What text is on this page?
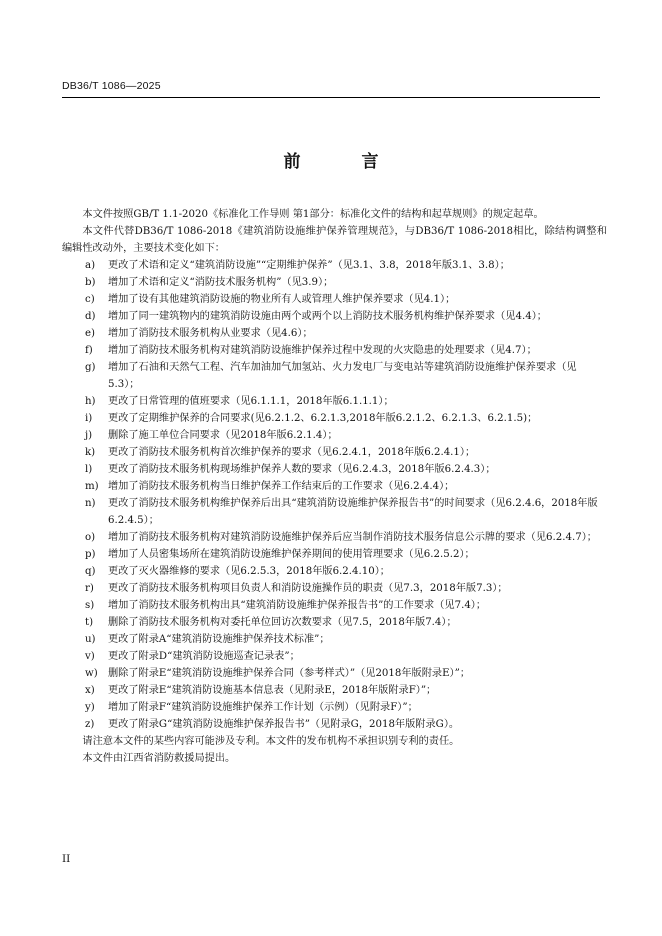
DB36/T 1086—2025
前　言

本文件按照GB/T 1.1-2020《标准化工作导则 第1部分：标准化文件的结构和起草规则》的规定起草。

本文件代替DB36/T 1086-2018《建筑消防设施维护保养管理规范》，与DB36/T 1086-2018相比，除结构调整和编辑性改动外，主要技术变化如下：

a) 更改了术语和定义“建筑消防设施”“定期维护保养”（见3.1、3.8，2018年版3.1、3.8）；
b) 增加了术语和定义“消防技术服务机构”（见3.9）；
c) 增加了设有其他建筑消防设施的物业所有人或管理人维护保养要求（见4.1）；
d) 增加了同一建筑物内的建筑消防设施由两个或两个以上消防技术服务机构维护保养要求（见4.4）；
e) 增加了消防技术服务机构从业要求（见4.6）；
f) 增加了消防技术服务机构对建筑消防设施维护保养过程中发现的火灾隐患的处理要求（见4.7）；
g) 增加了石油和天然气工程、汽车加油加气加氢站、火力发电厂与变电站等建筑消防设施维护保养要求（见5.3）；
h) 更改了日常管理的值班要求（见6.1.1.1，2018年版6.1.1.1）；
i) 更改了定期维护保养的合同要求(见6.2.1.2、6.2.1.3,2018年版6.2.1.2、6.2.1.3、6.2.1.5)；
j) 删除了施工单位合同要求（见2018年版6.2.1.4）；
k) 更改了消防技术服务机构首次维护保养的要求（见6.2.4.1，2018年版6.2.4.1）；
l) 更改了消防技术服务机构现场维护保养人数的要求（见6.2.4.3，2018年版6.2.4.3）；
m) 增加了消防技术服务机构当日维护保养工作结束后的工作要求（见6.2.4.4）；
n) 更改了消防技术服务机构维护保养后出具“建筑消防设施维护保养报告书”的时间要求（见6.2.4.6，2018年版6.2.4.5）；
o) 增加了消防技术服务机构对建筑消防设施维护保养后应当制作消防技术服务信息公示牌的要求（见6.2.4.7）；
p) 增加了人员密集场所在建筑消防设施维护保养期间的使用管理要求（见6.2.5.2）；
q) 更改了灭火器维修的要求（见6.2.5.3，2018年版6.2.4.10）；
r) 更改了消防技术服务机构项目负责人和消防设施操作员的职责（见7.3，2018年版7.3）；
s) 增加了消防技术服务机构出具“建筑消防设施维护保养报告书”的工作要求（见7.4）；
t) 删除了消防技术服务机构对委托单位回访次数要求（见7.5，2018年版7.4）；
u) 更改了附录A“建筑消防设施维护保养技术标准”；
v) 更改了附录D“建筑消防设施巡查记录表”；
w) 删除了附录E“建筑消防设施维护保养合同（参考样式）”（见2018年版附录E）”；
x) 更改了附录E“建筑消防设施基本信息表（见附录E，2018年版附录F）”；
y) 增加了附录F“建筑消防设施维护保养工作计划（示例）（见附录F）”；
z) 更改了附录G“建筑消防设施维护保养报告书”（见附录G，2018年版附录G）。

请注意本文件的某些内容可能涉及专利。本文件的发布机构不承担识别专利的责任。

本文件由江西省消防救援局提出。

II
